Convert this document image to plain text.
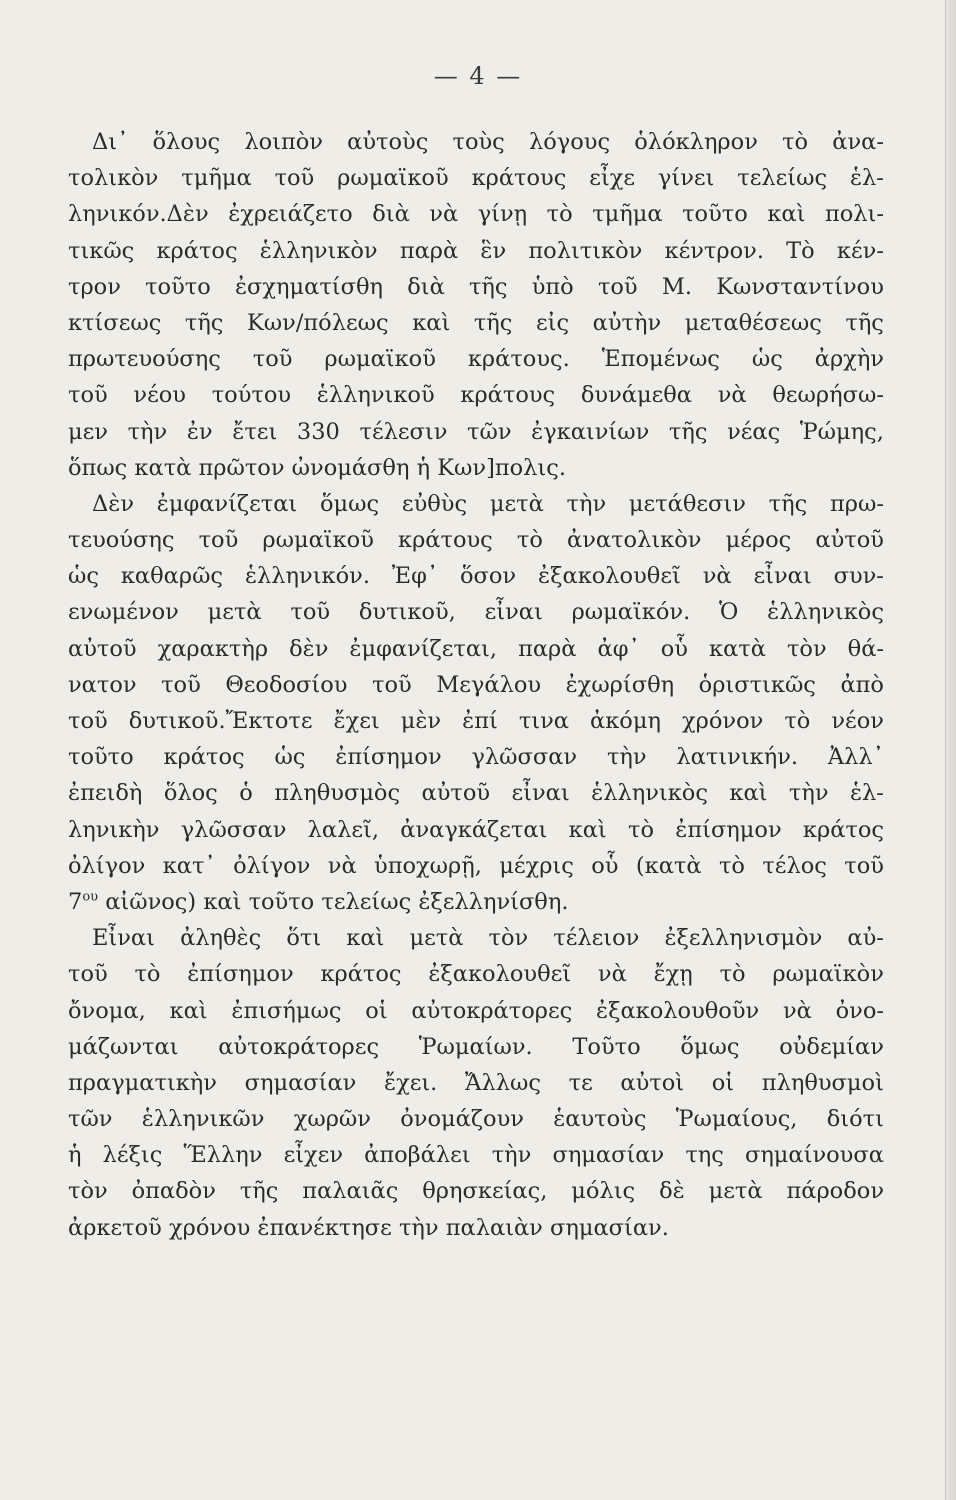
— 4 —
Δι᾽ ὅλους λοιπὸν αὐτοὺς τοὺς λόγους ὁλόκληρον τὸ ἀνα-
τολικὸν τμῆμα τοῦ ρωμαϊκοῦ κράτους εἶχε γίνει τελείως ἑλ-
ληνικόν.Δὲν ἐχρειάζετο διὰ νὰ γίνῃ τὸ τμῆμα τοῦτο καὶ πολι-
τικῶς κράτος ἑλληνικὸν παρὰ ἓν πολιτικὸν κέντρον. Τὸ κέν-
τρον τοῦτο ἐσχηματίσθη διὰ τῆς ὑπὸ τοῦ Μ. Κωνσταντίνου
κτίσεως τῆς Κων/πόλεως καὶ τῆς εἰς αὐτὴν μεταθέσεως τῆς
πρωτευούσης τοῦ ρωμαϊκοῦ κράτους. Ἑπομένως ὡς ἀρχὴν
τοῦ νέου τούτου ἑλληνικοῦ κράτους δυνάμεθα νὰ θεωρήσω-
μεν τὴν ἐν ἔτει 330 τέλεσιν τῶν ἐγκαινίων τῆς νέας Ῥώμης,
ὅπως κατὰ πρῶτον ὠνομάσθη ἡ Κων]πολις.
Δὲν ἐμφανίζεται ὅμως εὐθὺς μετὰ τὴν μετάθεσιν τῆς πρω-
τευούσης τοῦ ρωμαϊκοῦ κράτους τὸ ἀνατολικὸν μέρος αὐτοῦ
ὡς καθαρῶς ἑλληνικόν. Ἐφ᾽ ὅσον ἐξακολουθεῖ νὰ εἶναι συν-
ενωμένον μετὰ τοῦ δυτικοῦ, εἶναι ρωμαϊκόν. Ὁ ἑλληνικὸς
αὐτοῦ χαρακτὴρ δὲν ἐμφανίζεται, παρὰ ἀφ᾽ οὗ κατὰ τὸν θά-
νατον τοῦ Θεοδοσίου τοῦ Μεγάλου ἐχωρίσθη ὁριστικῶς ἀπὸ
τοῦ δυτικοῦ.Ἔκτοτε ἔχει μὲν ἐπί τινα ἀκόμη χρόνον τὸ νέον
τοῦτο κράτος ὡς ἐπίσημον γλῶσσαν τὴν λατινικήν. Ἀλλ᾽
ἐπειδὴ ὅλος ὁ πληθυσμὸς αὐτοῦ εἶναι ἑλληνικὸς καὶ τὴν ἑλ-
ληνικὴν γλῶσσαν λαλεῖ, ἀναγκάζεται καὶ τὸ ἐπίσημον κράτος
ὀλίγον κατ᾽ ὀλίγον νὰ ὑποχωρῇ, μέχρις οὗ (κατὰ τὸ τέλος τοῦ
$7^{o\upsilon}$ αἰῶνος) καὶ τοῦτο τελείως ἐξελληνίσθη.
Εἶναι ἀληθὲς ὅτι καὶ μετὰ τὸν τέλειον ἐξελληνισμὸν αὐ-
τοῦ τὸ ἐπίσημον κράτος ἐξακολουθεῖ νὰ ἔχῃ τὸ ρωμαϊκὸν
ὄνομα, καὶ ἐπισήμως οἱ αὐτοκράτορες ἐξακολουθοῦν νὰ ὀνο-
μάζωνται αὐτοκράτορες Ῥωμαίων. Τοῦτο ὅμως οὐδεμίαν
πραγματικὴν σημασίαν ἔχει. Ἄλλως τε αὐτοὶ οἱ πληθυσμοὶ
τῶν ἑλληνικῶν χωρῶν ὀνομάζουν ἑαυτοὺς Ῥωμαίους, διότι
ἡ λέξις Ἕλλην εἶχεν ἀποβάλει τὴν σημασίαν της σημαίνουσα
τὸν ὀπαδὸν τῆς παλαιᾶς θρησκείας, μόλις δὲ μετὰ πάροδον
ἀρκετοῦ χρόνου ἐπανέκτησε τὴν παλαιὰν σημασίαν.
